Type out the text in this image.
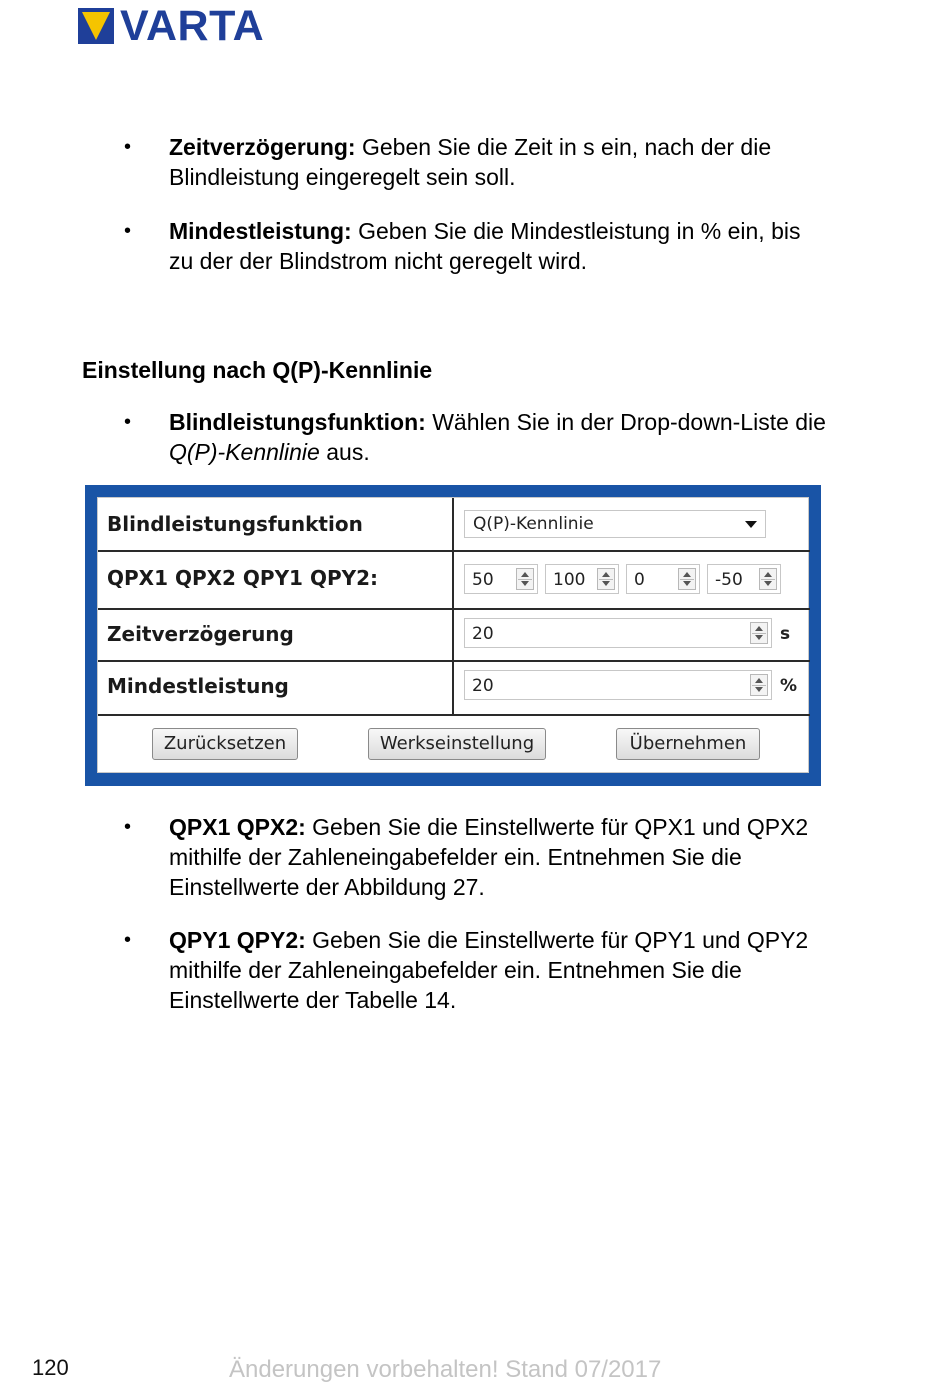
VARTA
• Zeitverzögerung: Geben Sie die Zeit in s ein, nach der die Blindleistung eingeregelt sein soll.
• Mindestleistung: Geben Sie die Mindestleistung in % ein, bis zu der der Blindstrom nicht geregelt wird.
Einstellung nach Q(P)-Kennlinie
• Blindleistungsfunktion: Wählen Sie in der Drop-down-Liste die Q(P)-Kennlinie aus.
Blindleistungsfunktion	Q(P)-Kennlinie
QPX1 QPX2 QPY1 QPY2:	50	100	0	-50
Zeitverzögerung	20	s
Mindestleistung	20	%
Zurücksetzen	Werkseinstellung	Übernehmen
• QPX1 QPX2: Geben Sie die Einstellwerte für QPX1 und QPX2 mithilfe der Zahleneingabefelder ein. Entnehmen Sie die Einstellwerte der Abbildung 27.
• QPY1 QPY2: Geben Sie die Einstellwerte für QPY1 und QPY2 mithilfe der Zahleneingabefelder ein. Entnehmen Sie die Einstellwerte der Tabelle 14.
120	Änderungen vorbehalten! Stand 07/2017
